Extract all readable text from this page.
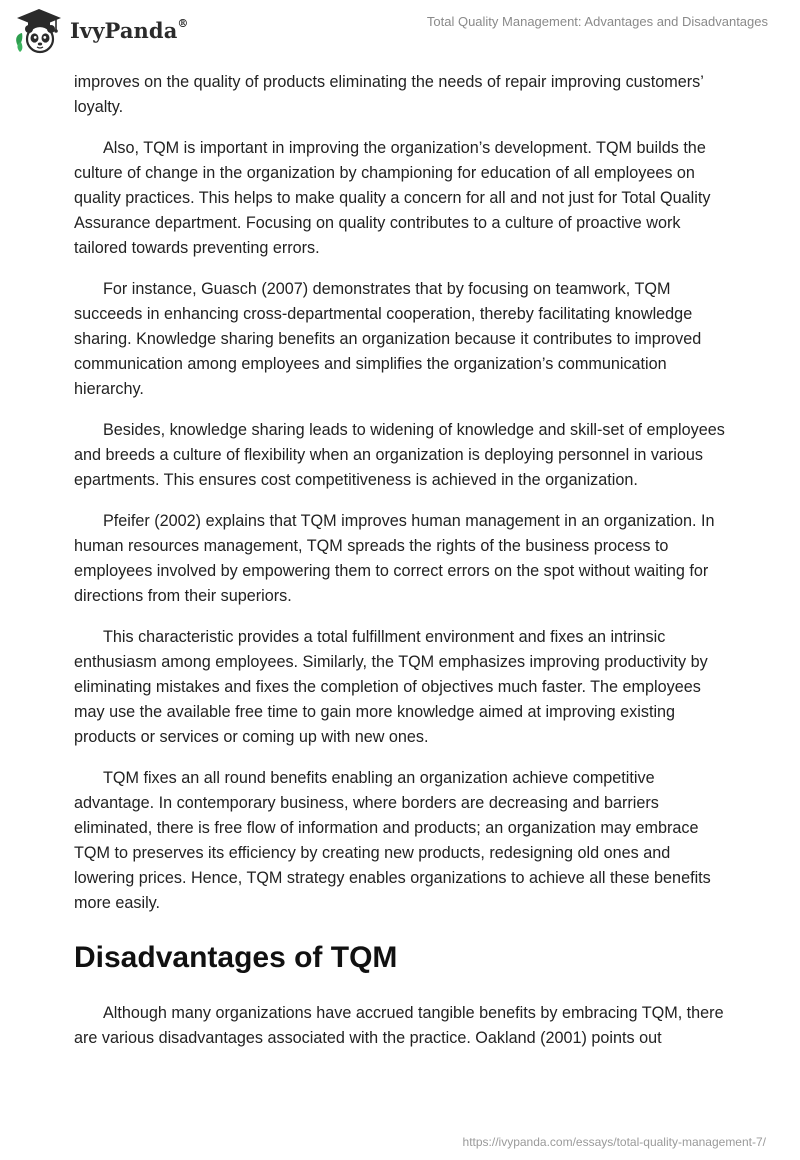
IvyPanda®	Total Quality Management: Advantages and Disadvantages

improves on the quality of products eliminating the needs of repair improving customers’ loyalty.

Also, TQM is important in improving the organization’s development. TQM builds the culture of change in the organization by championing for education of all employees on quality practices. This helps to make quality a concern for all and not just for Total Quality Assurance department. Focusing on quality contributes to a culture of proactive work tailored towards preventing errors.

For instance, Guasch (2007) demonstrates that by focusing on teamwork, TQM succeeds in enhancing cross-departmental cooperation, thereby facilitating knowledge sharing. Knowledge sharing benefits an organization because it contributes to improved communication among employees and simplifies the organization’s communication hierarchy.

Besides, knowledge sharing leads to widening of knowledge and skill-set of employees and breeds a culture of flexibility when an organization is deploying personnel in various epartments. This ensures cost competitiveness is achieved in the organization.

Pfeifer (2002) explains that TQM improves human management in an organization. In human resources management, TQM spreads the rights of the business process to employees involved by empowering them to correct errors on the spot without waiting for directions from their superiors.

This characteristic provides a total fulfillment environment and fixes an intrinsic enthusiasm among employees. Similarly, the TQM emphasizes improving productivity by eliminating mistakes and fixes the completion of objectives much faster. The employees may use the available free time to gain more knowledge aimed at improving existing products or services or coming up with new ones.

TQM fixes an all round benefits enabling an organization achieve competitive advantage. In contemporary business, where borders are decreasing and barriers eliminated, there is free flow of information and products; an organization may embrace TQM to preserves its efficiency by creating new products, redesigning old ones and lowering prices. Hence, TQM strategy enables organizations to achieve all these benefits more easily.

Disadvantages of TQM

Although many organizations have accrued tangible benefits by embracing TQM, there are various disadvantages associated with the practice. Oakland (2001) points out

https://ivypanda.com/essays/total-quality-management-7/
